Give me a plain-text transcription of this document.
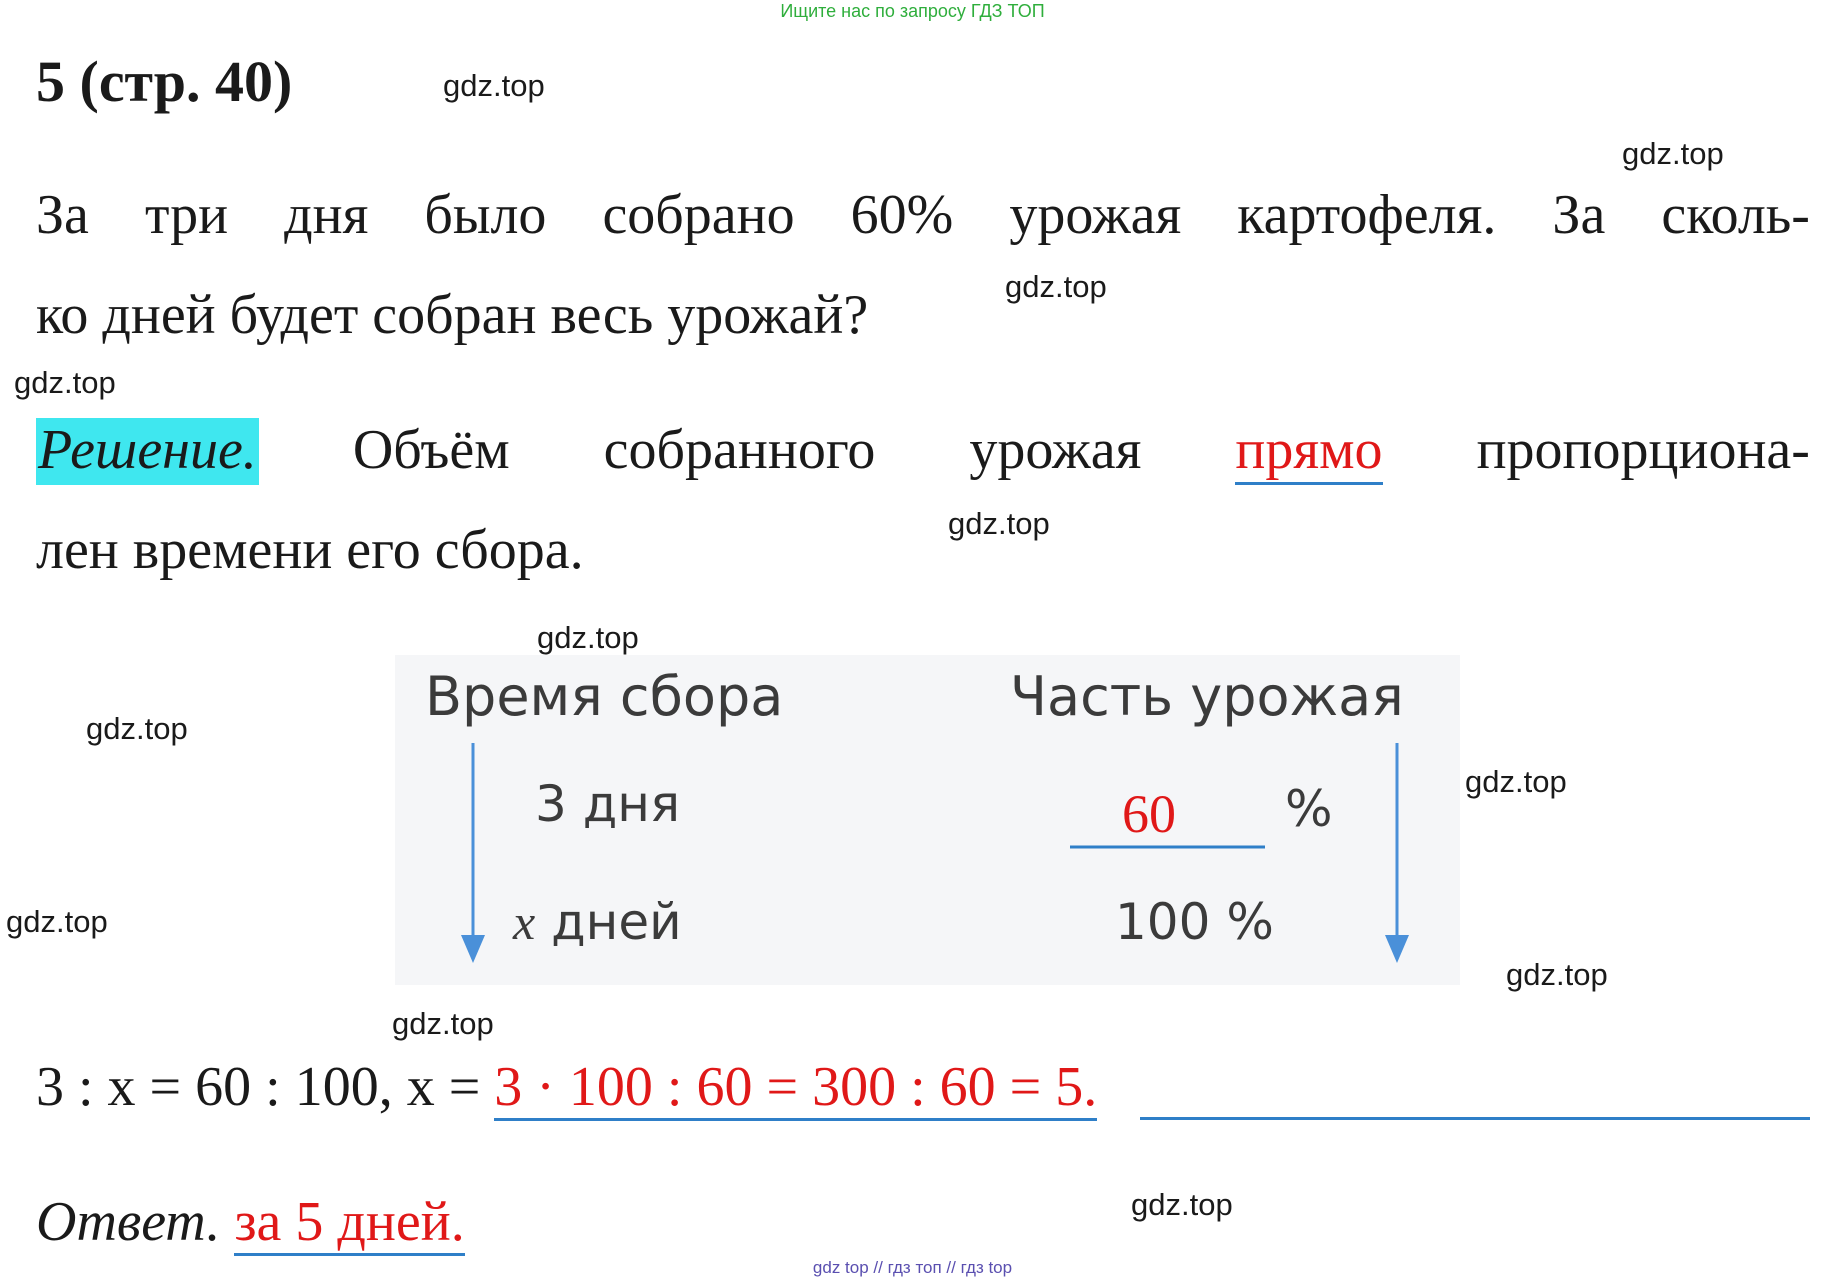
Ищите нас по запросу ГДЗ ТОП
5 (стр. 40)
За три дня было собрано 60% урожая картофеля. За сколь-
ко дней будет собран весь урожай?
Решение. Объём собранного урожая прямо пропорциона-
лен времени его сбора.
Время сбора	Часть урожая
3 дня	60 %
x дней	100 %
3 : x = 60 : 100, x = 3 · 100 : 60 = 300 : 60 = 5.
Ответ. за 5 дней.
gdz.top
gdz.top
gdz.top
gdz.top
gdz.top
gdz.top
gdz.top
gdz.top
gdz.top
gdz.top
gdz.top
gdz.top
gdz top // гдз топ // гдз top
